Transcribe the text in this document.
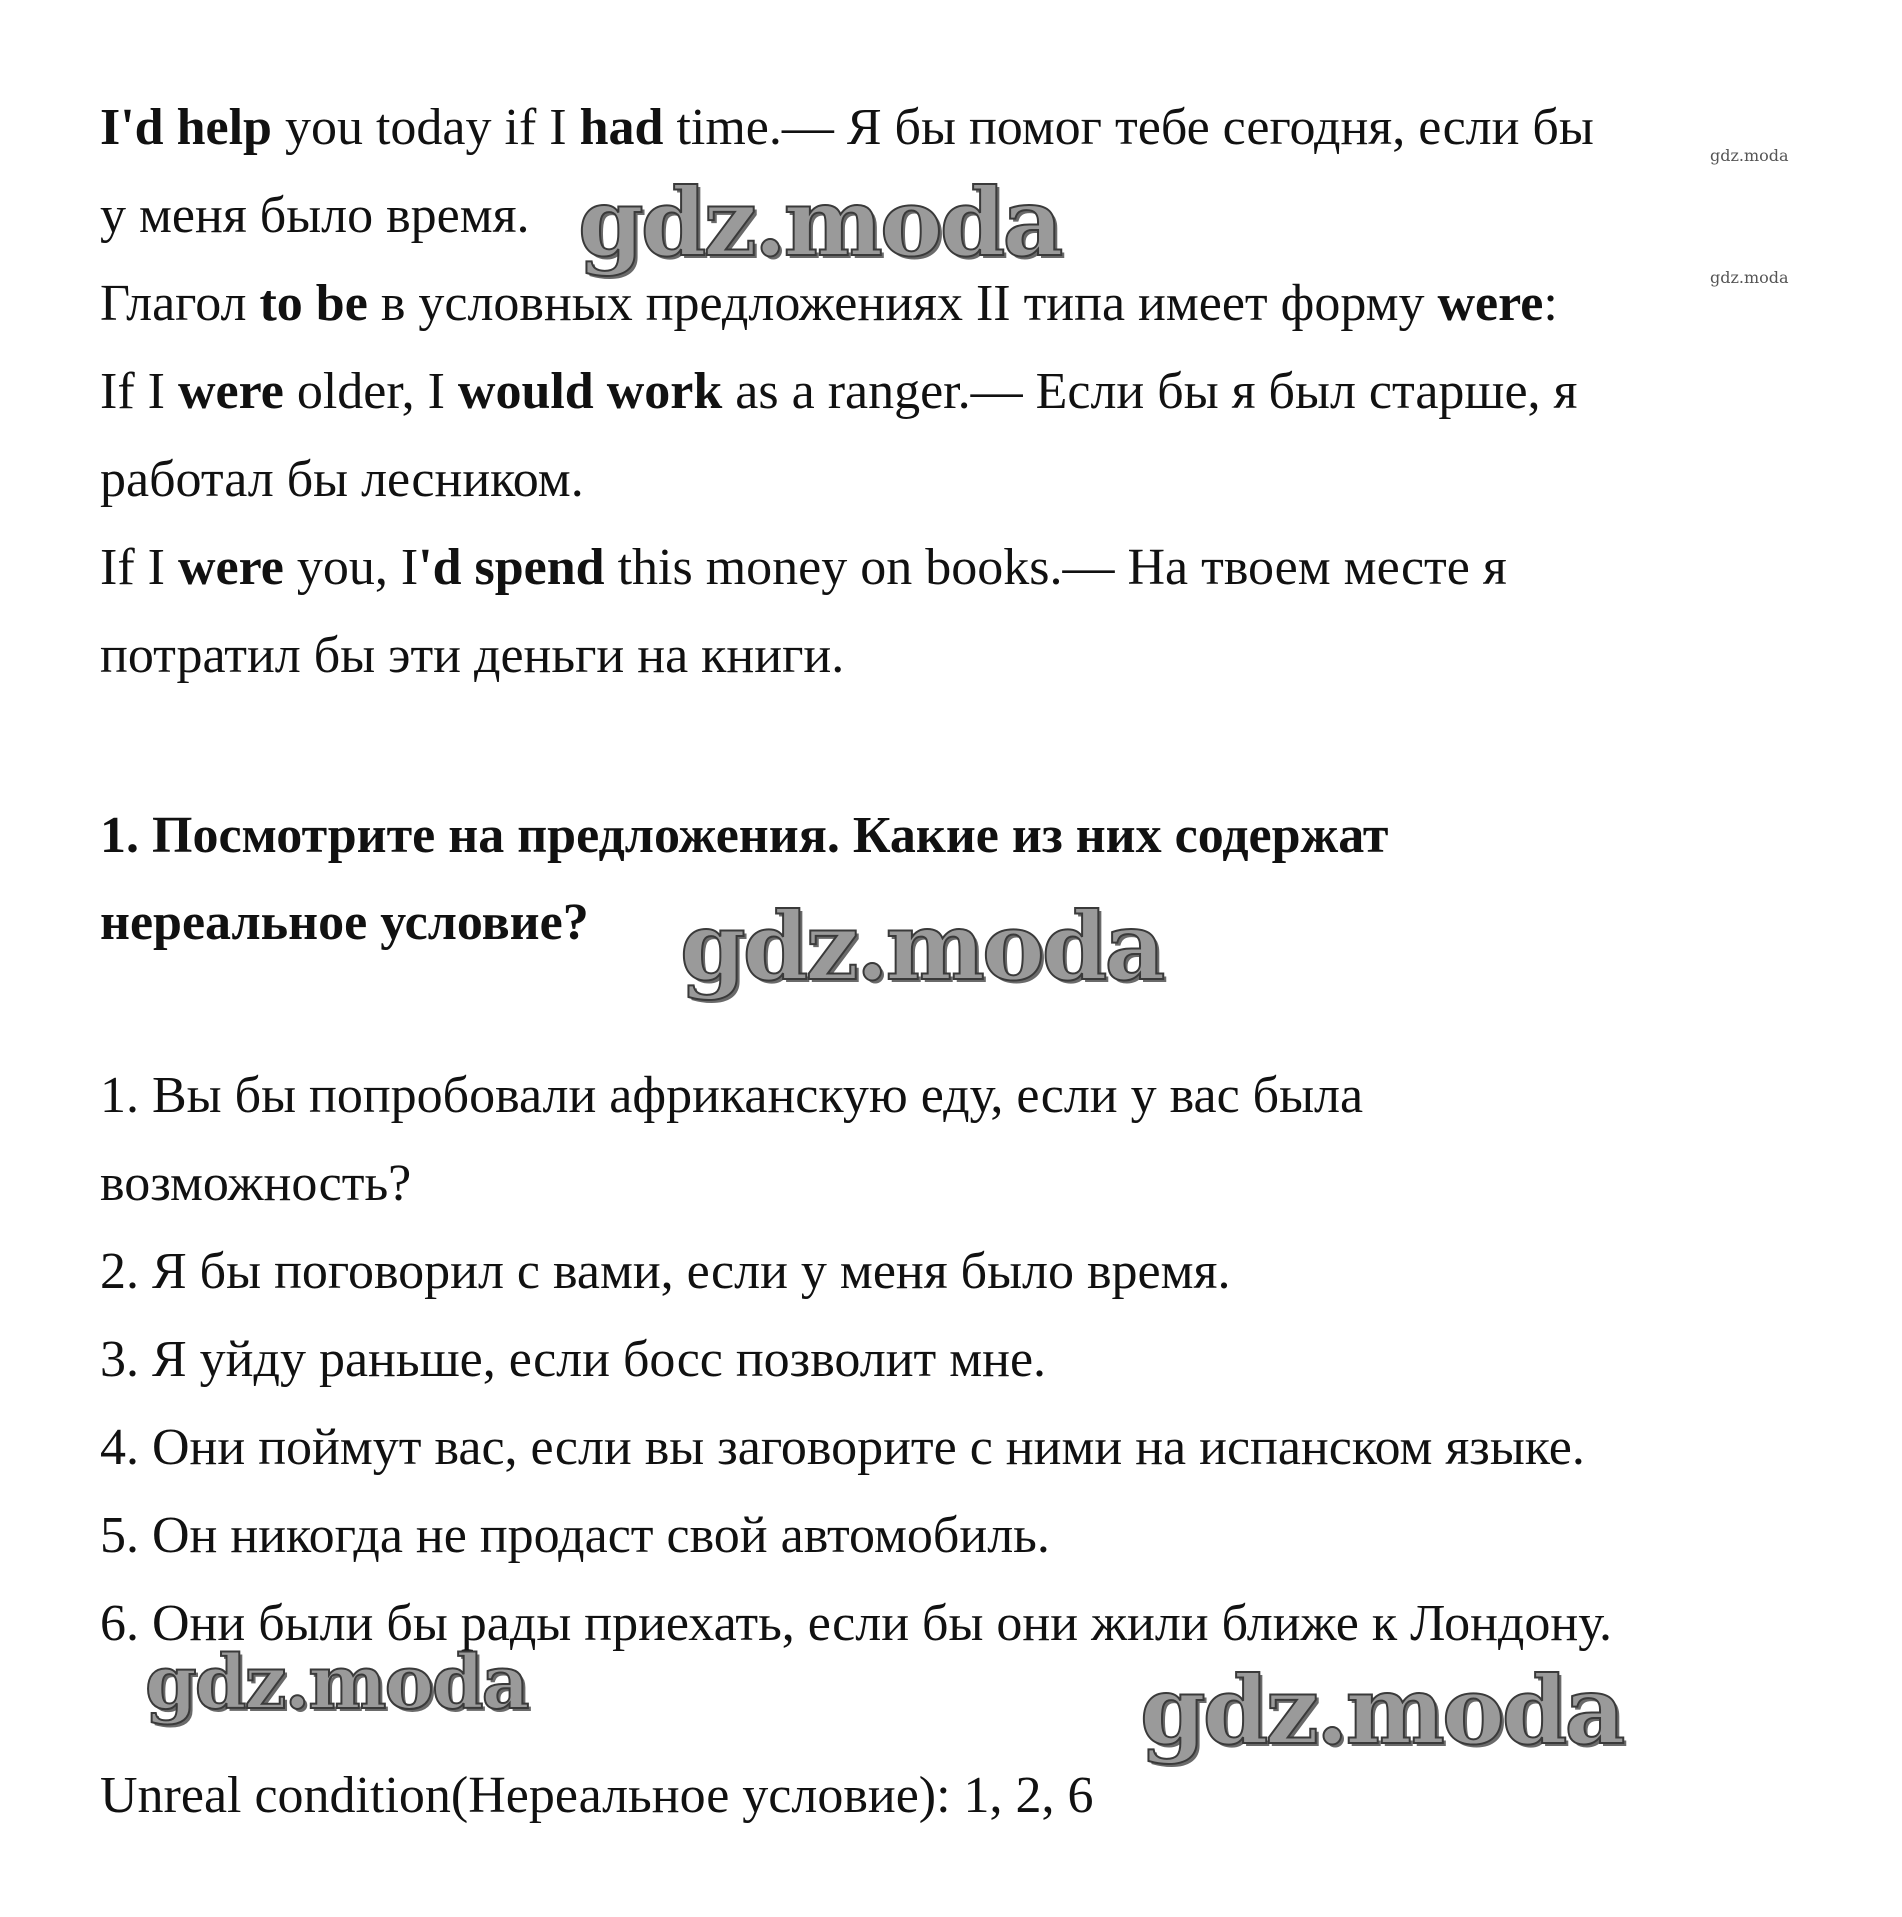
I'd help you today if I had time.— Я бы помог тебе сегодня, если бы
у меня было время.
Глагол to be в условных предложениях II типа имеет форму were:
If I were older, I would work as a ranger.— Если бы я был старше, я
работал бы лесником.
If I were you, I'd spend this money on books.— На твоем месте я
потратил бы эти деньги на книги.
1. Посмотрите на предложения. Какие из них содержат
нереальное условие?
1. Вы бы попробовали африканскую еду, если у вас была
возможность?
2. Я бы поговорил с вами, если у меня было время.
3. Я уйду раньше, если босс позволит мне.
4. Они поймут вас, если вы заговорите с ними на испанском языке.
5. Он никогда не продаст свой автомобиль.
6. Они были бы рады приехать, если бы они жили ближе к Лондону.
Unreal condition(Нереальное условие): 1, 2, 6
gdz.moda
gdz.moda
gdz.moda
gdz.moda
gdz.moda	gdz.moda
